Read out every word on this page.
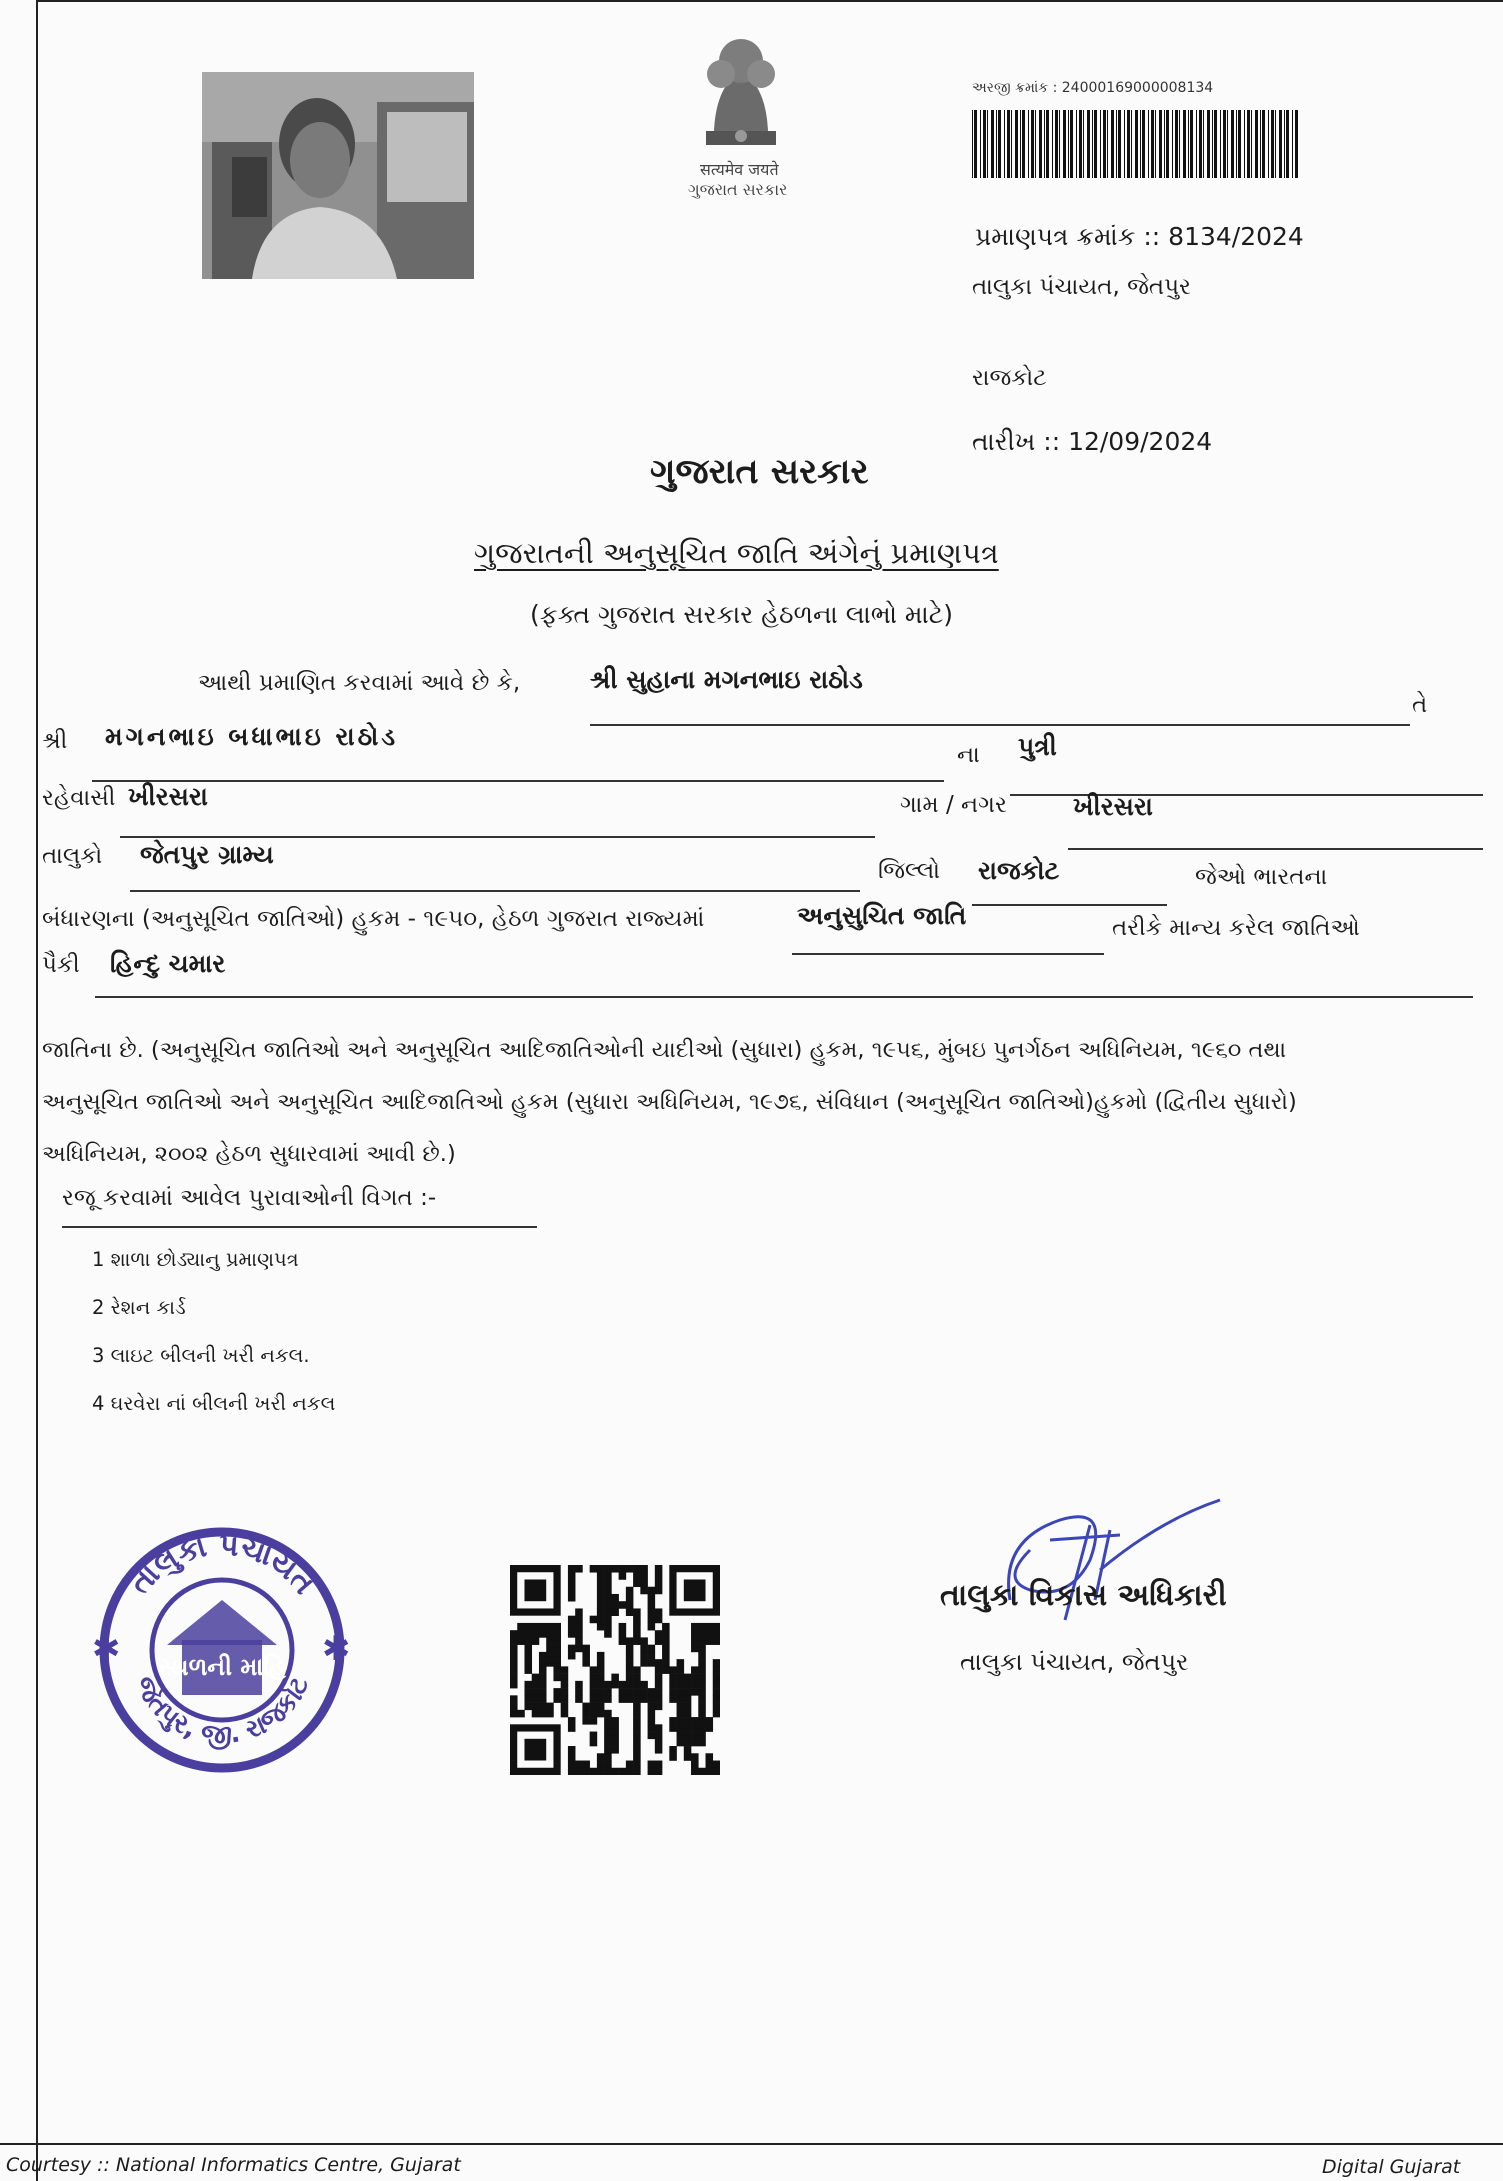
सत्यमेव जयते
ગુજરાત સરકાર
અરજી ક્રમાંક : 240001690000081​34
પ્રમાણપત્ર ક્રમાંક :: 8134/2024
તાલુકા પંચાયત, જેતપુર
રાજકોટ
તારીખ :: 12/09/2024
ગુજરાત સરકાર
ગુજરાતની અનુસૂચિત જાતિ અંગેનું પ્રમાણપત્ર
(ફક્ત ગુજરાત સરકાર હેઠળના લાભો માટે)
આથી પ્રમાણિત કરવામાં આવે છે કે,	શ્રી સુહાના મગનભાઇ રાઠોડ
તે
શ્રી મગનભાઇ બધાભાઇ રાઠોડ
ના પુત્રી
રહેવાસી ખીરસરા	ગામ / નગર	ખીરસરા
તાલુકો જેતપુર ગ્રામ્ય
જિલ્લો રાજકોટ	જેઓ ભારતના
બંધારણના (અનુસૂચિત જાતિઓ) હુકમ - ૧૯૫૦, હેઠળ ગુજરાત રાજ્યમાં	અનુસુચિત જાતિ	તરીકે માન્ય કરેલ જાતિઓ
પૈકી હિન્દુ ચમાર
જાતિના છે. (અનુસૂચિત જાતિઓ અને અનુસૂચિત આદિજાતિઓની યાદીઓ (સુધારા) હુકમ, ૧૯૫૬, મુંબઇ પુનર્ગઠન અધિનિયમ, ૧૯૬૦ તથા
અનુસૂચિત જાતિઓ અને અનુસૂચિત આદિજાતિઓ હુકમ (સુધારા અધિનિયમ, ૧૯૭૬, સંવિધાન (અનુસૂચિત જાતિઓ)હુકમો (દ્વિતીય સુધારો)
અધિનિયમ, ૨૦૦૨ હેઠળ સુધારવામાં આવી છે.)
રજૂ કરવામાં આવેલ પુરાવાઓની વિગત :-
1 શાળા છોડ્યાનુ પ્રમાણપત્ર
2 રેશન કાર્ડ
3 લાઇટ બીલની ખરી નકલ.
4 ઘરવેરા નાં બીલની ખરી નકલ
✱	✱
તાલુકા પંચાયત
જેતપુર, જી. રાજકોટ
સ્થળની માહિ
તાલુકા વિકાસ અધિકારી
તાલુકા પંચાયત, જેતપુર
Courtesy :: National Informatics Centre, Gujarat	Digital Gujarat
